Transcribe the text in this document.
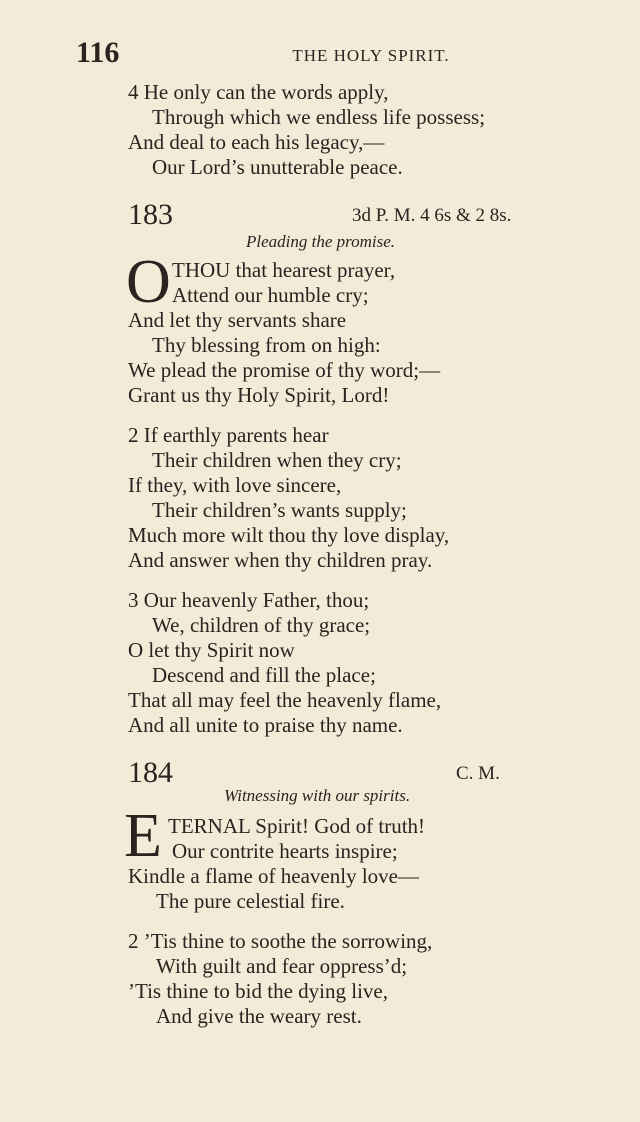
116	THE HOLY SPIRIT.
4 He only can the words apply,
Through which we endless life possess;
And deal to each his legacy,—
Our Lord’s unutterable peace.
183	3d P. M. 4 6s & 2 8s.
Pleading the promise.
O THOU that hearest prayer,
Attend our humble cry;
And let thy servants share
Thy blessing from on high:
We plead the promise of thy word;—
Grant us thy Holy Spirit, Lord!
2 If earthly parents hear
Their children when they cry;
If they, with love sincere,
Their children’s wants supply;
Much more wilt thou thy love display,
And answer when thy children pray.
3 Our heavenly Father, thou;
We, children of thy grace;
O let thy Spirit now
Descend and fill the place;
That all may feel the heavenly flame,
And all unite to praise thy name.
184	C. M.
Witnessing with our spirits.
E TERNAL Spirit! God of truth!
Our contrite hearts inspire;
Kindle a flame of heavenly love—
The pure celestial fire.
2 ’Tis thine to soothe the sorrowing,
With guilt and fear oppress’d;
’Tis thine to bid the dying live,
And give the weary rest.
